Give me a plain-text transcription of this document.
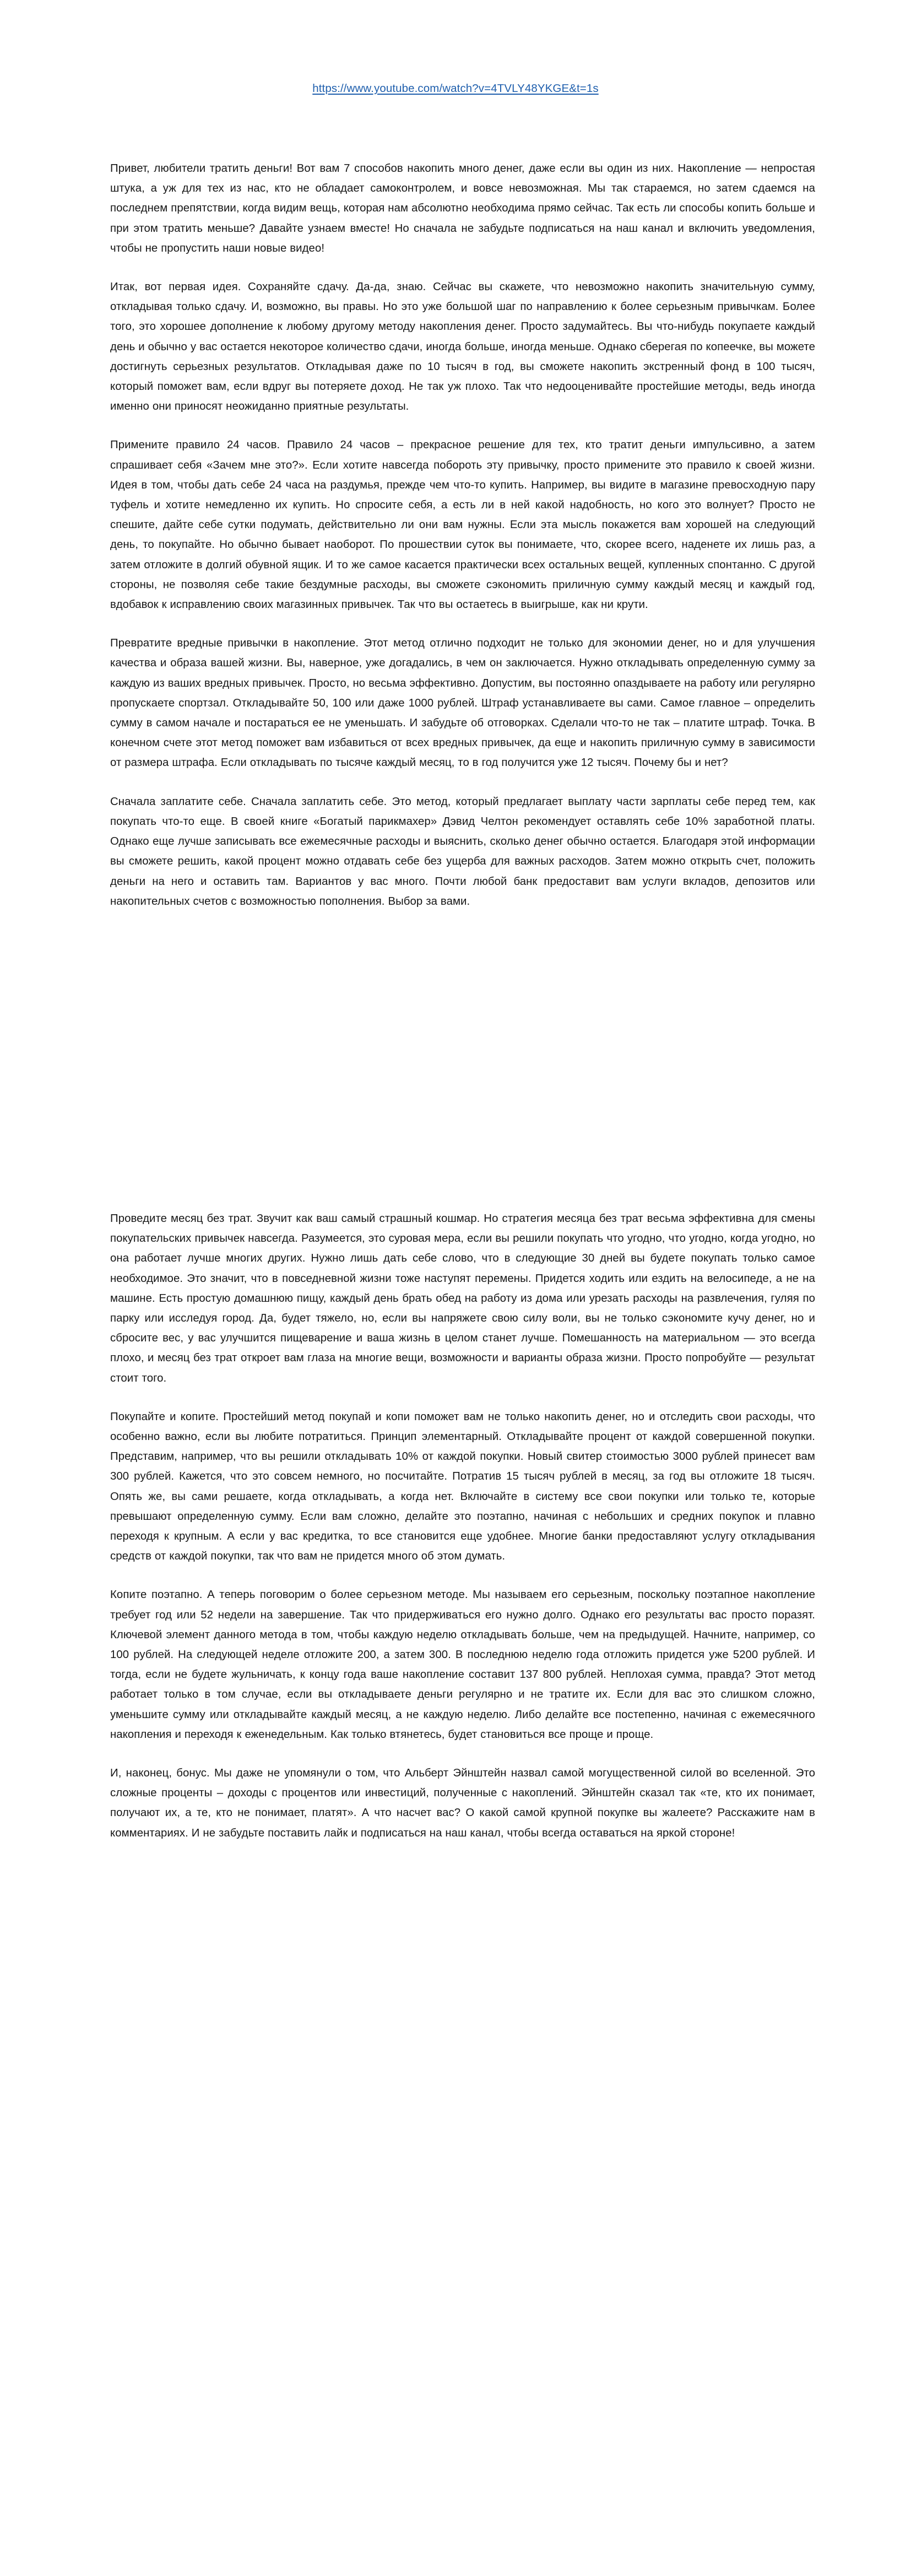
https://www.youtube.com/watch?v=4TVLY48YKGE&t=1s

Привет, любители тратить деньги! Вот вам 7 способов накопить много денег, даже если вы один из них. Накопление — непростая штука, а уж для тех из нас, кто не обладает самоконтролем, и вовсе невозможная. Мы так стараемся, но затем сдаемся на последнем препятствии, когда видим вещь, которая нам абсолютно необходима прямо сейчас. Так есть ли способы копить больше и при этом тратить меньше? Давайте узнаем вместе! Но сначала не забудьте подписаться на наш канал и включить уведомления, чтобы не пропустить наши новые видео!

Итак, вот первая идея. Сохраняйте сдачу. Да-да, знаю. Сейчас вы скажете, что невозможно накопить значительную сумму, откладывая только сдачу. И, возможно, вы правы. Но это уже большой шаг по направлению к более серьезным привычкам. Более того, это хорошее дополнение к любому другому методу накопления денег. Просто задумайтесь. Вы что-нибудь покупаете каждый день и обычно у вас остается некоторое количество сдачи, иногда больше, иногда меньше. Однако сберегая по копеечке, вы можете достигнуть серьезных результатов. Откладывая даже по 10 тысяч в год, вы сможете накопить экстренный фонд в 100 тысяч, который поможет вам, если вдруг вы потеряете доход. Не так уж плохо. Так что недооценивайте простейшие методы, ведь иногда именно они приносят неожиданно приятные результаты.

Примените правило 24 часов. Правило 24 часов – прекрасное решение для тех, кто тратит деньги импульсивно, а затем спрашивает себя «Зачем мне это?». Если хотите навсегда побороть эту привычку, просто примените это правило к своей жизни. Идея в том, чтобы дать себе 24 часа на раздумья, прежде чем что-то купить. Например, вы видите в магазине превосходную пару туфель и хотите немедленно их купить. Но спросите себя, а есть ли в ней какой надобность, но кого это волнует? Просто не спешите, дайте себе сутки подумать, действительно ли они вам нужны. Если эта мысль покажется вам хорошей на следующий день, то покупайте. Но обычно бывает наоборот. По прошествии суток вы понимаете, что, скорее всего, наденете их лишь раз, а затем отложите в долгий обувной ящик. И то же самое касается практически всех остальных вещей, купленных спонтанно. С другой стороны, не позволяя себе такие бездумные расходы, вы сможете сэкономить приличную сумму каждый месяц и каждый год, вдобавок к исправлению своих магазинных привычек. Так что вы остаетесь в выигрыше, как ни крути.

Превратите вредные привычки в накопление. Этот метод отлично подходит не только для экономии денег, но и для улучшения качества и образа вашей жизни. Вы, наверное, уже догадались, в чем он заключается. Нужно откладывать определенную сумму за каждую из ваших вредных привычек. Просто, но весьма эффективно. Допустим, вы постоянно опаздываете на работу или регулярно пропускаете спортзал. Откладывайте 50, 100 или даже 1000 рублей. Штраф устанавливаете вы сами. Самое главное – определить сумму в самом начале и постараться ее не уменьшать. И забудьте об отговорках. Сделали что-то не так – платите штраф. Точка. В конечном счете этот метод поможет вам избавиться от всех вредных привычек, да еще и накопить приличную сумму в зависимости от размера штрафа. Если откладывать по тысяче каждый месяц, то в год получится уже 12 тысяч. Почему бы и нет?

Сначала заплатите себе. Сначала заплатить себе. Это метод, который предлагает выплату части зарплаты себе перед тем, как покупать что-то еще. В своей книге «Богатый парикмахер» Дэвид Челтон рекомендует оставлять себе 10% заработной платы. Однако еще лучше записывать все ежемесячные расходы и выяснить, сколько денег обычно остается. Благодаря этой информации вы сможете решить, какой процент можно отдавать себе без ущерба для важных расходов. Затем можно открыть счет, положить деньги на него и оставить там. Вариантов у вас много. Почти любой банк предоставит вам услуги вкладов, депозитов или накопительных счетов с возможностью пополнения. Выбор за вами.

Проведите месяц без трат. Звучит как ваш самый страшный кошмар. Но стратегия месяца без трат весьма эффективна для смены покупательских привычек навсегда. Разумеется, это суровая мера, если вы решили покупать что угодно, что угодно, когда угодно, но она работает лучше многих других. Нужно лишь дать себе слово, что в следующие 30 дней вы будете покупать только самое необходимое. Это значит, что в повседневной жизни тоже наступят перемены. Придется ходить или ездить на велосипеде, а не на машине. Есть простую домашнюю пищу, каждый день брать обед на работу из дома или урезать расходы на развлечения, гуляя по парку или исследуя город. Да, будет тяжело, но, если вы напряжете свою силу воли, вы не только сэкономите кучу денег, но и сбросите вес, у вас улучшится пищеварение и ваша жизнь в целом станет лучше. Помешанность на материальном — это всегда плохо, и месяц без трат откроет вам глаза на многие вещи, возможности и варианты образа жизни. Просто попробуйте — результат стоит того.

Покупайте и копите. Простейший метод покупай и копи поможет вам не только накопить денег, но и отследить свои расходы, что особенно важно, если вы любите потратиться. Принцип элементарный. Откладывайте процент от каждой совершенной покупки. Представим, например, что вы решили откладывать 10% от каждой покупки. Новый свитер стоимостью 3000 рублей принесет вам 300 рублей. Кажется, что это совсем немного, но посчитайте. Потратив 15 тысяч рублей в месяц, за год вы отложите 18 тысяч. Опять же, вы сами решаете, когда откладывать, а когда нет. Включайте в систему все свои покупки или только те, которые превышают определенную сумму. Если вам сложно, делайте это поэтапно, начиная с небольших и средних покупок и плавно переходя к крупным. А если у вас кредитка, то все становится еще удобнее. Многие банки предоставляют услугу откладывания средств от каждой покупки, так что вам не придется много об этом думать.

Копите поэтапно. А теперь поговорим о более серьезном методе. Мы называем его серьезным, поскольку поэтапное накопление требует год или 52 недели на завершение. Так что придерживаться его нужно долго. Однако его результаты вас просто поразят. Ключевой элемент данного метода в том, чтобы каждую неделю откладывать больше, чем на предыдущей. Начните, например, со 100 рублей. На следующей неделе отложите 200, а затем 300. В последнюю неделю года отложить придется уже 5200 рублей. И тогда, если не будете жульничать, к концу года ваше накопление составит 137 800 рублей. Неплохая сумма, правда? Этот метод работает только в том случае, если вы откладываете деньги регулярно и не тратите их. Если для вас это слишком сложно, уменьшите сумму или откладывайте каждый месяц, а не каждую неделю. Либо делайте все постепенно, начиная с ежемесячного накопления и переходя к еженедельным. Как только втянетесь, будет становиться все проще и проще.

И, наконец, бонус. Мы даже не упомянули о том, что Альберт Эйнштейн назвал самой могущественной силой во вселенной. Это сложные проценты – доходы с процентов или инвестиций, полученные с накоплений. Эйнштейн сказал так «те, кто их понимает, получают их, а те, кто не понимает, платят». А что насчет вас? О какой самой крупной покупке вы жалеете? Расскажите нам в комментариях. И не забудьте поставить лайк и подписаться на наш канал, чтобы всегда оставаться на яркой стороне!
